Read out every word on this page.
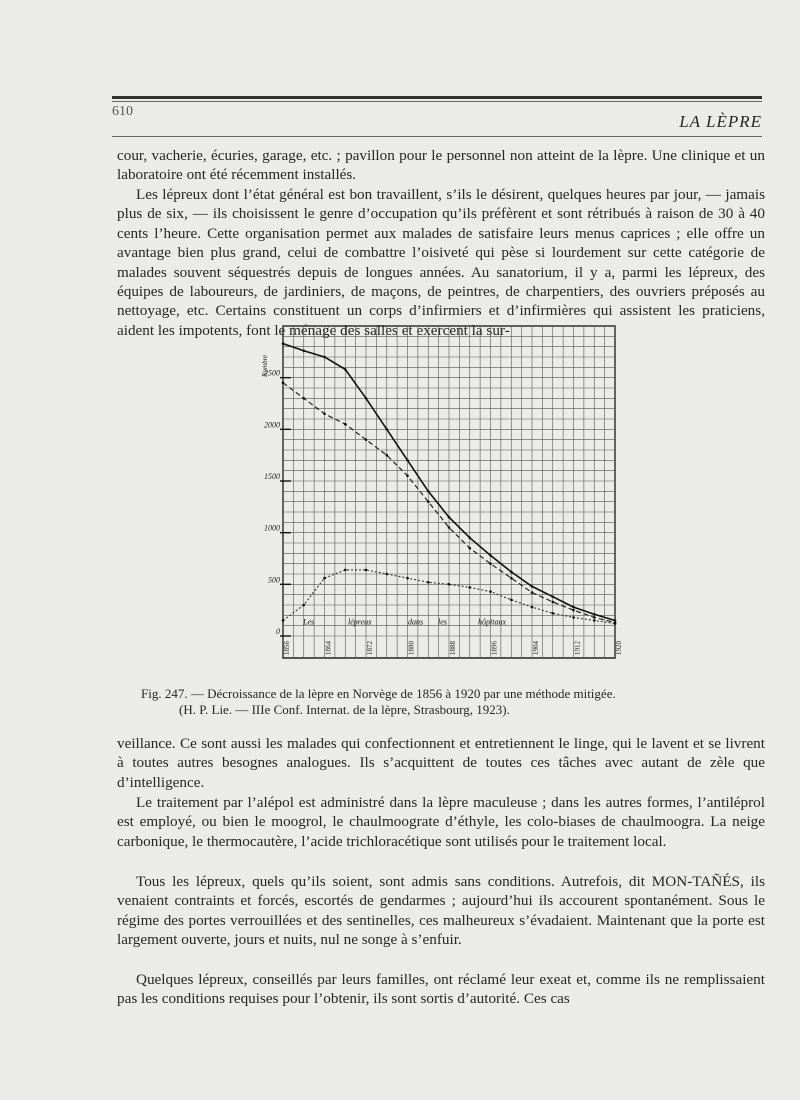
610
LA LÈPRE

cour, vacherie, écuries, garage, etc. ; pavillon pour le personnel non atteint de la lèpre. Une clinique et un laboratoire ont été récemment installés.

Les lépreux dont l’état général est bon travaillent, s’ils le désirent, quelques heures par jour, — jamais plus de six, — ils choisissent le genre d’occupation qu’ils préfèrent et sont rétribués à raison de 30 à 40 cents l’heure. Cette organisation permet aux malades de satisfaire leurs menus caprices ; elle offre un avantage bien plus grand, celui de combattre l’oisiveté qui pèse si lourdement sur cette catégorie de malades souvent séquestrés depuis de longues années. Au sanatorium, il y a, parmi les lépreux, des équipes de laboureurs, de jardiniers, de maçons, de peintres, de charpentiers, des ouvriers préposés au nettoyage, etc. Certains constituent un corps d’infirmiers et d’infirmières qui assistent les praticiens, aident les impotents, font le ménage des salles et exercent la sur-

2500
2000
1500
1000
500
0
1856	1864	1872	1880	1888	1896	1904	1912	1920
Nombre
Les	lépreux	dans les	hôpitaux
Fig. 247. — Décroissance de la lèpre en Norvège de 1856 à 1920 par une méthode mitigée.
(H. P. Lie. — IIIe Conf. Internat. de la lèpre, Strasbourg, 1923).

veillance. Ce sont aussi les malades qui confectionnent et entretiennent le linge, qui le lavent et se livrent à toutes autres besognes analogues. Ils s’acquittent de toutes ces tâches avec autant de zèle que d’intelligence.

Le traitement par l’alépol est administré dans la lèpre maculeuse ; dans les autres formes, l’antiléprol est employé, ou bien le moogrol, le chaulmoograte d’éthyle, les colo-biases de chaulmoogra. La neige carbonique, le thermocautère, l’acide trichloracétique sont utilisés pour le traitement local.

Tous les lépreux, quels qu’ils soient, sont admis sans conditions. Autrefois, dit MON-TAÑÉS, ils venaient contraints et forcés, escortés de gendarmes ; aujourd’hui ils accourent spontanément. Sous le régime des portes verrouillées et des sentinelles, ces malheureux s’évadaient. Maintenant que la porte est largement ouverte, jours et nuits, nul ne songe à s’enfuir.

Quelques lépreux, conseillés par leurs familles, ont réclamé leur exeat et, comme ils ne remplissaient pas les conditions requises pour l’obtenir, ils sont sortis d’autorité. Ces cas
